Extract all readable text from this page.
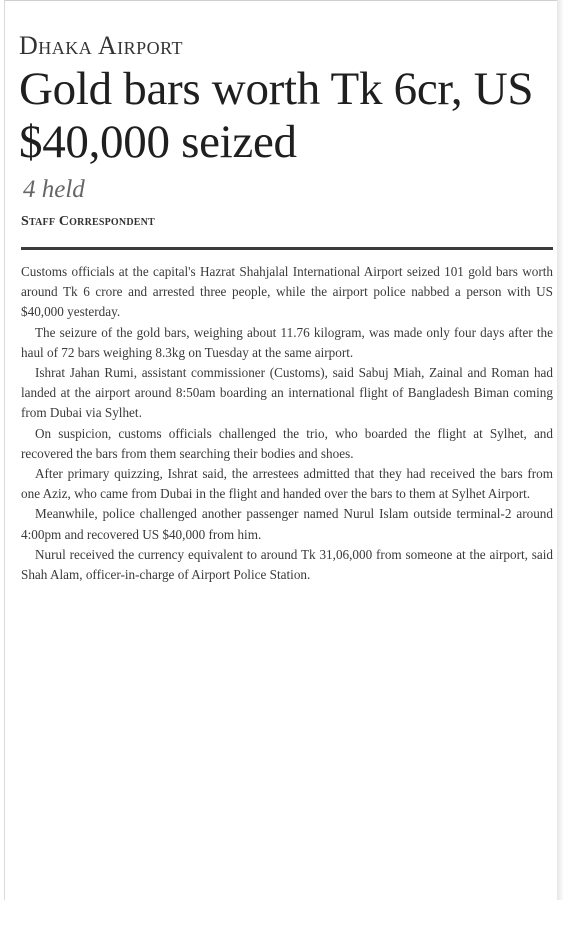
Dhaka Airport
Gold bars worth Tk 6cr, US $40,000 seized
4 held
Staff Correspondent

Customs officials at the capital's Hazrat Shahjalal International Airport seized 101 gold bars worth around Tk 6 crore and arrested three people, while the airport police nabbed a person with US $40,000 yesterday.

The seizure of the gold bars, weighing about 11.76 kilogram, was made only four days after the haul of 72 bars weighing 8.3kg on Tuesday at the same airport.

Ishrat Jahan Rumi, assistant commissioner (Customs), said Sabuj Miah, Zainal and Roman had landed at the airport around 8:50am boarding an international flight of Bangladesh Biman coming from Dubai via Sylhet.

On suspicion, customs officials challenged the trio, who boarded the flight at Sylhet, and recovered the bars from them searching their bodies and shoes.

After primary quizzing, Ishrat said, the arrestees admitted that they had received the bars from one Aziz, who came from Dubai in the flight and handed over the bars to them at Sylhet Airport.

Meanwhile, police challenged another passenger named Nurul Islam outside terminal-2 around 4:00pm and recovered US $40,000 from him.

Nurul received the currency equivalent to around Tk 31,06,000 from someone at the airport, said Shah Alam, officer-in-charge of Airport Police Station.
